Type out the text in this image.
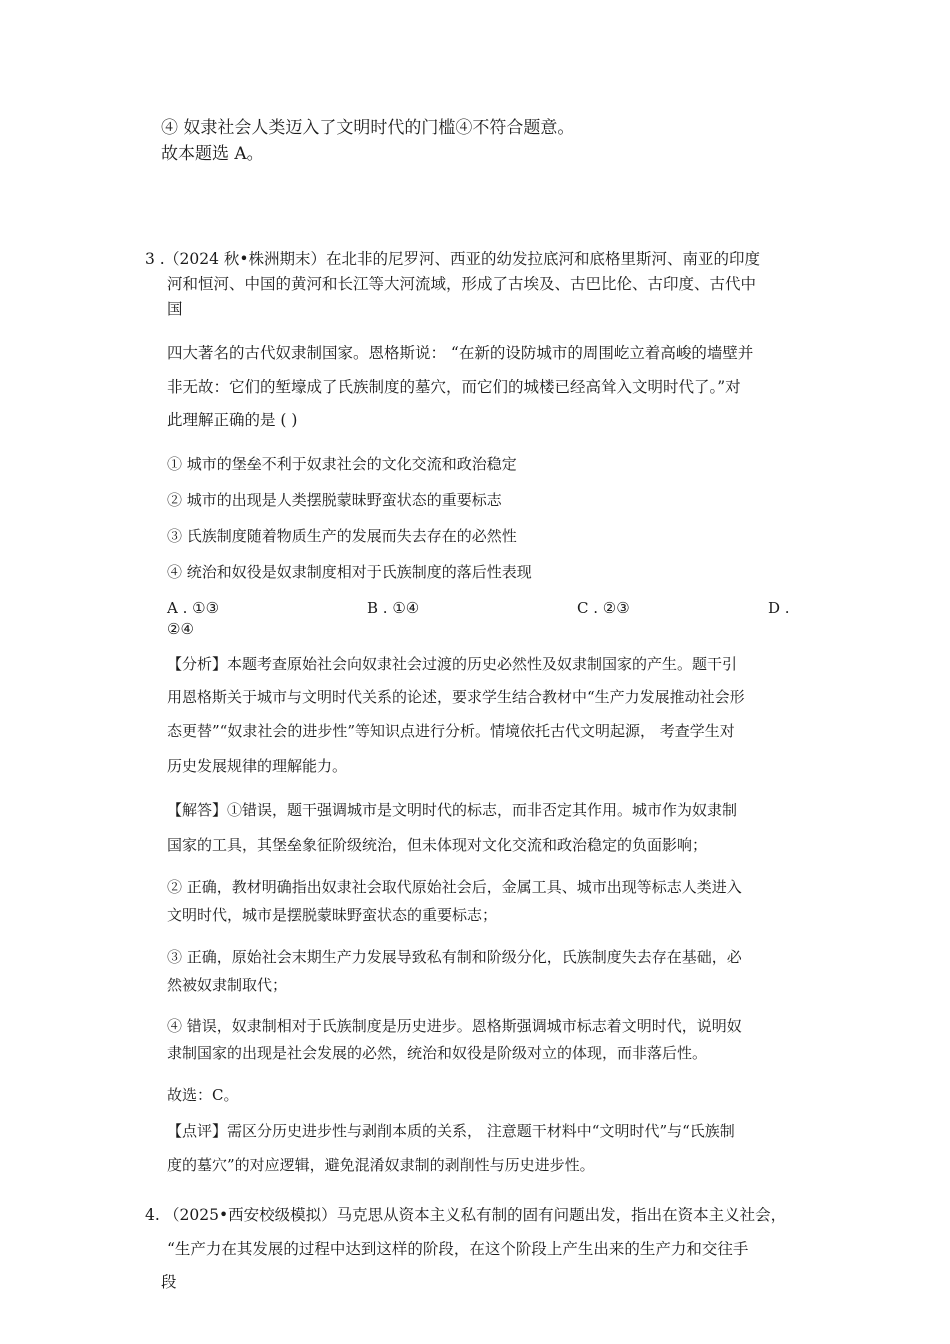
④ 奴隶社会人类迈入了文明时代的门槛④不符合题意。
故本题选 A。
3 . （2024 秋•株洲期末）在北非的尼罗河、西亚的幼发拉底河和底格里斯河、南亚的印度
河和恒河、中国的黄河和长江等大河流域，形成了古埃及、古巴比伦、古印度、古代中
国
四大著名的古代奴隶制国家。恩格斯说： “在新的设防城市的周围屹立着高峻的墙壁并
非无故：它们的堑壕成了氏族制度的墓穴，而它们的城楼已经高耸入文明时代了。”对
此理解正确的是 ( )
① 城市的堡垒不利于奴隶社会的文化交流和政治稳定
② 城市的出现是人类摆脱蒙昧野蛮状态的重要标志
③ 氏族制度随着物质生产的发展而失去存在的必然性
④ 统治和奴役是奴隶制度相对于氏族制度的落后性表现
A . ①③	B . ①④	C . ②③	D .
②④
【分析】本题考查原始社会向奴隶社会过渡的历史必然性及奴隶制国家的产生。题干引
用恩格斯关于城市与文明时代关系的论述，要求学生结合教材中“生产力发展推动社会形
态更替”“奴隶社会的进步性”等知识点进行分析。情境依托古代文明起源， 考查学生对
历史发展规律的理解能力。
【解答】①错误，题干强调城市是文明时代的标志，而非否定其作用。城市作为奴隶制
国家的工具，其堡垒象征阶级统治，但未体现对文化交流和政治稳定的负面影响；
② 正确，教材明确指出奴隶社会取代原始社会后，金属工具、城市出现等标志人类进入
文明时代，城市是摆脱蒙昧野蛮状态的重要标志；
③ 正确，原始社会末期生产力发展导致私有制和阶级分化，氏族制度失去存在基础，必
然被奴隶制取代；
④ 错误，奴隶制相对于氏族制度是历史进步。恩格斯强调城市标志着文明时代，说明奴
隶制国家的出现是社会发展的必然，统治和奴役是阶级对立的体现，而非落后性。
故选：C。
【点评】需区分历史进步性与剥削本质的关系， 注意题干材料中“文明时代”与“氏族制
度的墓穴”的对应逻辑，避免混淆奴隶制的剥削性与历史进步性。
4. （2025•西安校级模拟）马克思从资本主义私有制的固有问题出发，指出在资本主义社会，
“生产力在其发展的过程中达到这样的阶段，在这个阶段上产生出来的生产力和交往手
段
